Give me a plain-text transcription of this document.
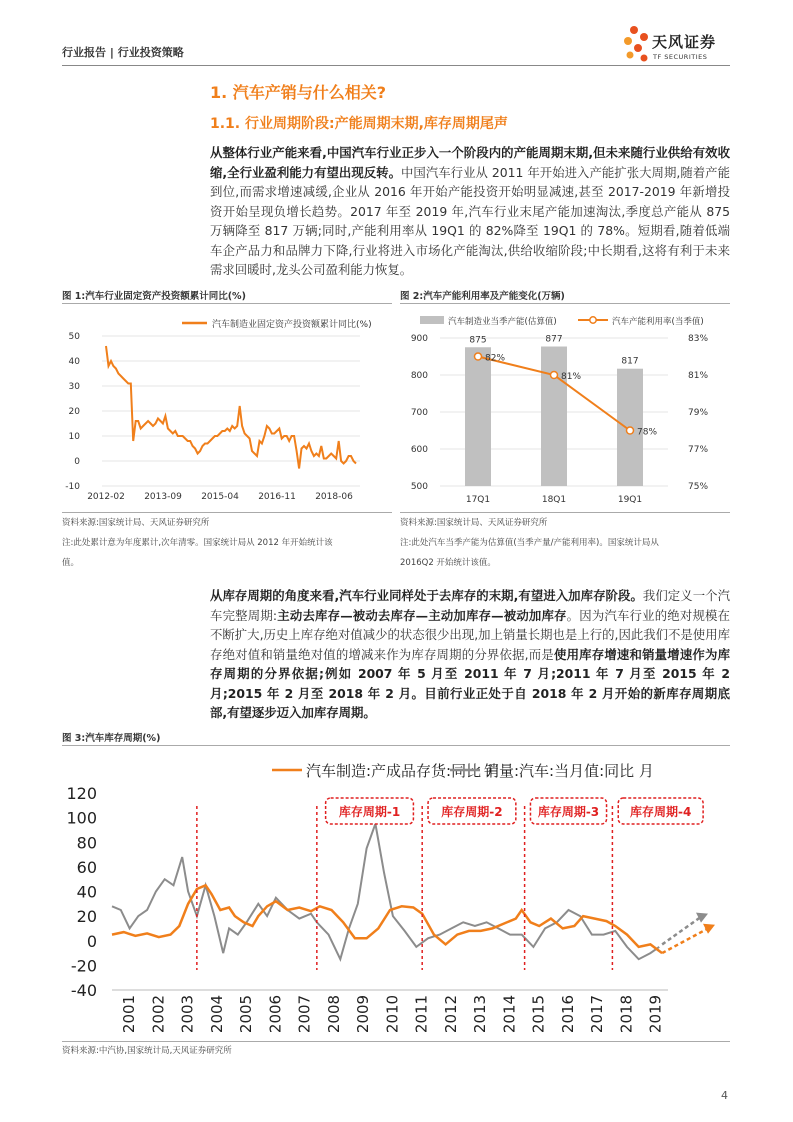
行业报告 | 行业投资策略
天风证券
TF SECURITIES
1. 汽车产销与什么相关?
1.1. 行业周期阶段:产能周期末期,库存周期尾声
从整体行业产能来看,中国汽车行业正步入一个阶段内的产能周期末期,但未来随行业供给有效收缩,全行业盈利能力有望出现反转。中国汽车行业从 2011 年开始进入产能扩张大周期,随着产能到位,而需求增速减缓,企业从 2016 年开始产能投资开始明显减速,甚至 2017-2019 年新增投资开始呈现负增长趋势。2017 年至 2019 年,汽车行业末尾产能加速淘汰,季度总产能从 875 万辆降至 817 万辆;同时,产能利用率从 19Q1 的 82%降至 19Q1 的 78%。短期看,随着低端车企产品力和品牌力下降,行业将进入市场化产能淘汰,供给收缩阶段;中长期看,这将有利于未来需求回暖时,龙头公司盈利能力恢复。
图 1:汽车行业固定资产投资额累计同比(%)
汽车制造业固定资产投资额累计同比(%)
50
40
30
20
10
0
-10
2012-02 2013-09 2015-04 2016-11 2018-06
资料来源:国家统计局、天风证券研究所
注:此处累计意为年度累计,次年清零。国家统计局从 2012 年开始统计该
值。
图 2:汽车产能利用率及产能变化(万辆)
汽车制造业当季产能(估算值)	汽车产能利用率(当季值)
875
17Q1
877
18Q1
817
19Q1
900
800
700
600
500
83%
81%
79%
77%
75%
82%
81%
78%
资料来源:国家统计局、天风证券研究所
注:此处汽车当季产能为估算值(当季产量/产能利用率)。国家统计局从
2016Q2 开始统计该值。
从库存周期的角度来看,汽车行业同样处于去库存的末期,有望进入加库存阶段。我们定义一个汽车完整周期:主动去库存—被动去库存—主动加库存—被动加库存。因为汽车行业的绝对规模在不断扩大,历史上库存绝对值减少的状态很少出现,加上销量长期也是上行的,因此我们不是使用库存绝对值和销量绝对值的增减来作为库存周期的分界依据,而是使用库存增速和销量增速作为库存周期的分界依据;例如 2007 年 5 月至 2011 年 7 月;2011 年 7 月至 2015 年 2 月;2015 年 2 月至 2018 年 2 月。目前行业正处于自 2018 年 2 月开始的新库存周期底部,有望逐步迈入加库存周期。
图 3:汽车库存周期(%)
汽车制造:产成品存货:同比 月
销量:汽车:当月值:同比 月
120
100
80
60
40
20
0
-20
-40
2001 2002 2003 2004 2005 2006 2007 2008 2009 2010 2011 2012 2013 2014 2015 2016 2017 2018 2019
库存周期-1	库存周期-2	库存周期-3	库存周期-4
资料来源:中汽协,国家统计局,天风证券研究所
4
